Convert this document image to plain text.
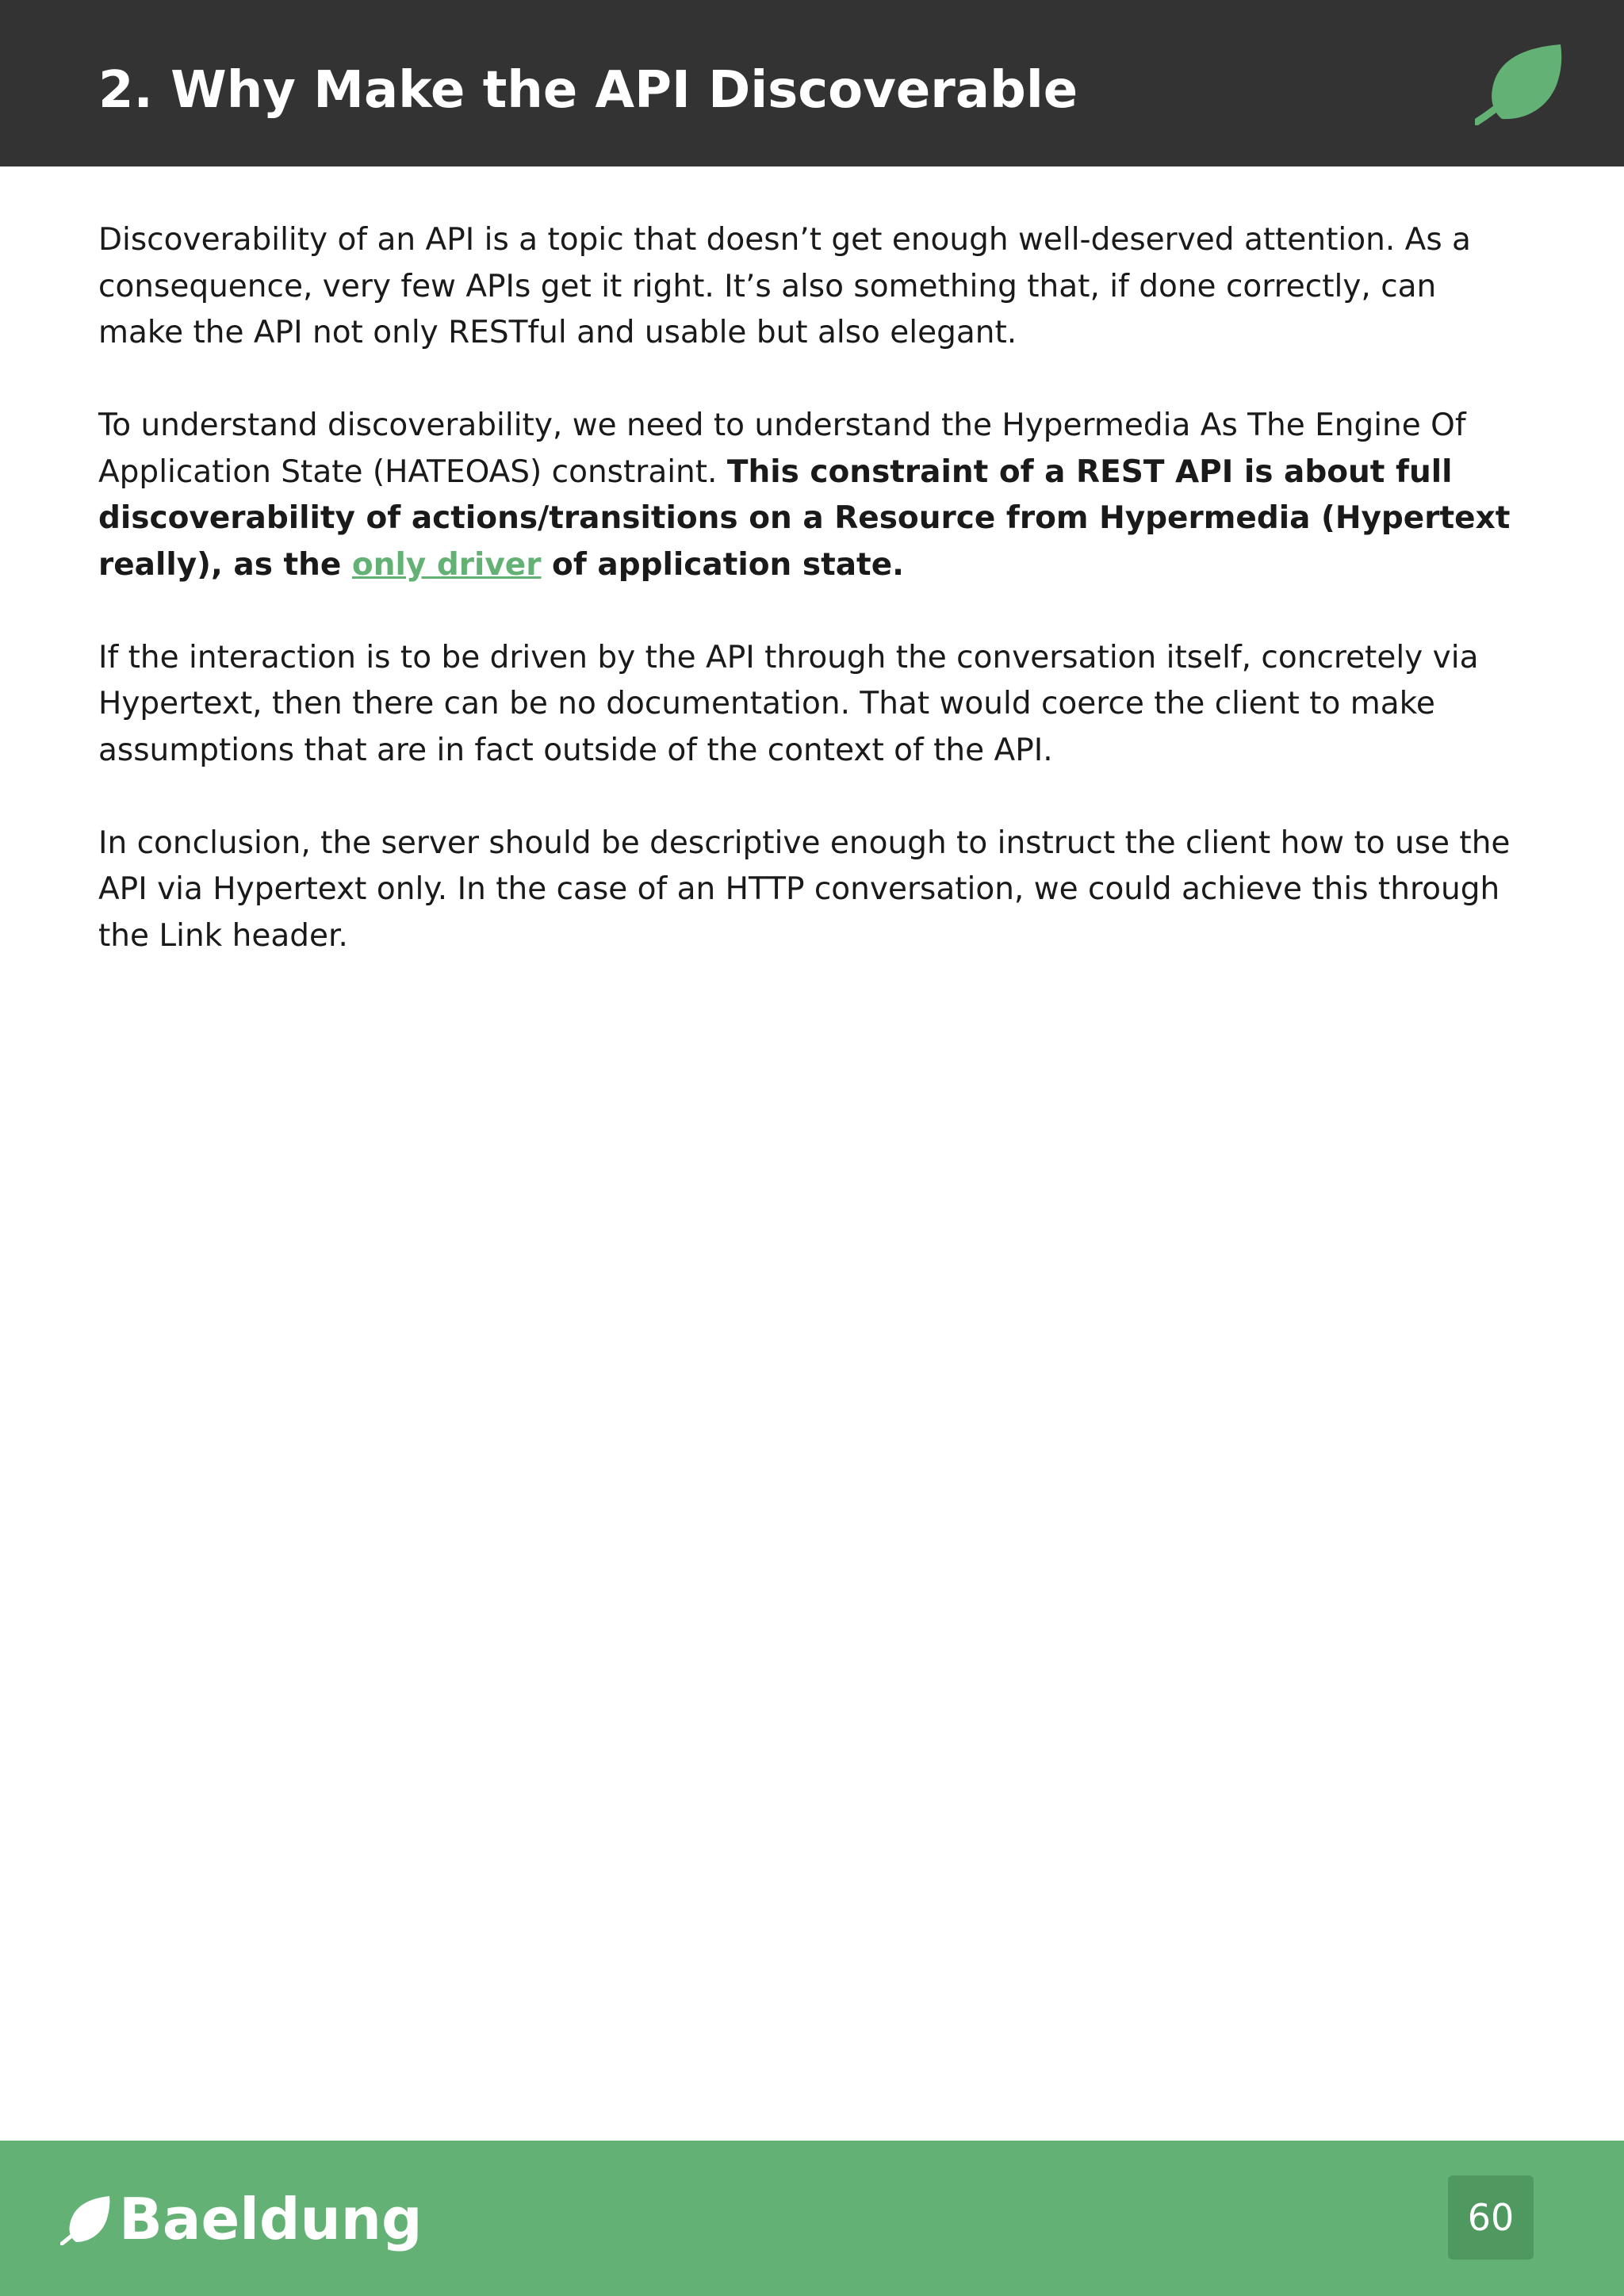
2. Why Make the API Discoverable

Discoverability of an API is a topic that doesn’t get enough well-deserved attention. As a consequence, very few APIs get it right. It’s also something that, if done correctly, can make the API not only RESTful and usable but also elegant.

To understand discoverability, we need to understand the Hypermedia As The Engine Of Application State (HATEOAS) constraint. This constraint of a REST API is about full discoverability of actions/transitions on a Resource from Hypermedia (Hypertext really), as the only driver of application state.

If the interaction is to be driven by the API through the conversation itself, concretely via Hypertext, then there can be no documentation. That would coerce the client to make assumptions that are in fact outside of the context of the API.

In conclusion, the server should be descriptive enough to instruct the client how to use the API via Hypertext only. In the case of an HTTP conversation, we could achieve this through the Link header.

Baeldung	60
